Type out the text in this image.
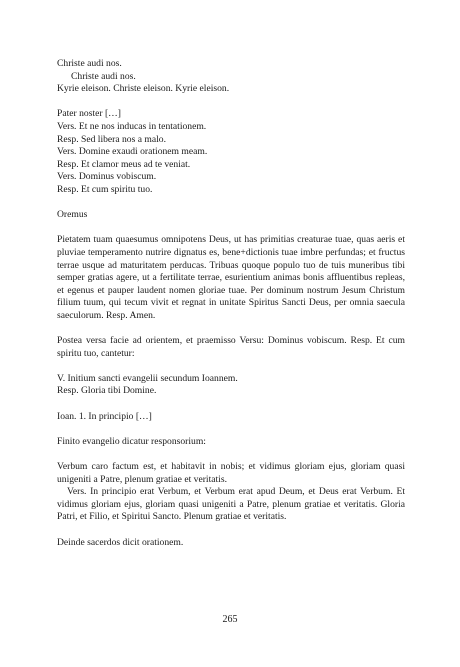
Christe audi nos.
Christe audi nos.
Kyrie eleison. Christe eleison. Kyrie eleison.
Pater noster […]
Vers. Et ne nos inducas in tentationem.
Resp. Sed libera nos a malo.
Vers. Domine exaudi orationem meam.
Resp. Et clamor meus ad te veniat.
Vers. Dominus vobiscum.
Resp. Et cum spiritu tuo.
Oremus
Pietatem tuam quaesumus omnipotens Deus, ut has primitias creaturae tuae, quas aeris et pluviae temperamento nutrire dignatus es, bene+dictionis tuae imbre perfundas; et fructus terrae usque ad maturitatem perducas. Tribuas quoque populo tuo de tuis muneribus tibi semper gratias agere, ut a fertilitate terrae, esurientium animas bonis affluentibus repleas, et egenus et pauper laudent nomen gloriae tuae. Per dominum nostrum Jesum Christum filium tuum, qui tecum vivit et regnat in unitate Spiritus Sancti Deus, per omnia saecula saeculorum. Resp. Amen.
Postea versa facie ad orientem, et praemisso Versu: Dominus vobiscum. Resp. Et cum spiritu tuo, cantetur:
V. Initium sancti evangelii secundum Ioannem.
Resp. Gloria tibi Domine.
Ioan. 1. In principio […]
Finito evangelio dicatur responsorium:
Verbum caro factum est, et habitavit in nobis; et vidimus gloriam ejus, gloriam quasi unigeniti a Patre, plenum gratiae et veritatis.
Vers. In principio erat Verbum, et Verbum erat apud Deum, et Deus erat Verbum. Et vidimus gloriam ejus, gloriam quasi unigeniti a Patre, plenum gratiae et veritatis. Gloria Patri, et Filio, et Spiritui Sancto. Plenum gratiae et veritatis.
Deinde sacerdos dicit orationem.
265
